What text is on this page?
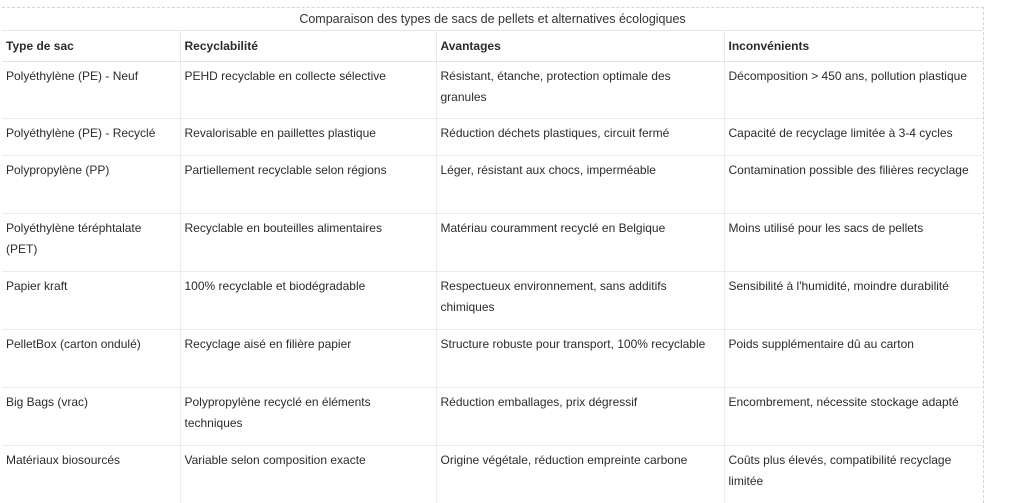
Comparaison des types de sacs de pellets et alternatives écologiques
Type de sac	Recyclabilité	Avantages	Inconvénients
Polyéthylène (PE) - Neuf	PEHD recyclable en collecte sélective	Résistant, étanche, protection optimale des granules	Décomposition > 450 ans, pollution plastique
Polyéthylène (PE) - Recyclé	Revalorisable en paillettes plastique	Réduction déchets plastiques, circuit fermé	Capacité de recyclage limitée à 3-4 cycles
Polypropylène (PP)	Partiellement recyclable selon régions	Léger, résistant aux chocs, imperméable	Contamination possible des filières recyclage
Polyéthylène téréphtalate (PET)	Recyclable en bouteilles alimentaires	Matériau couramment recyclé en Belgique	Moins utilisé pour les sacs de pellets
Papier kraft	100% recyclable et biodégradable	Respectueux environnement, sans additifs chimiques	Sensibilité à l'humidité, moindre durabilité
PelletBox (carton ondulé)	Recyclage aisé en filière papier	Structure robuste pour transport, 100% recyclable	Poids supplémentaire dû au carton
Big Bags (vrac)	Polypropylène recyclé en éléments techniques	Réduction emballages, prix dégressif	Encombrement, nécessite stockage adapté
Matériaux biosourcés	Variable selon composition exacte	Origine végétale, réduction empreinte carbone	Coûts plus élevés, compatibilité recyclage limitée
